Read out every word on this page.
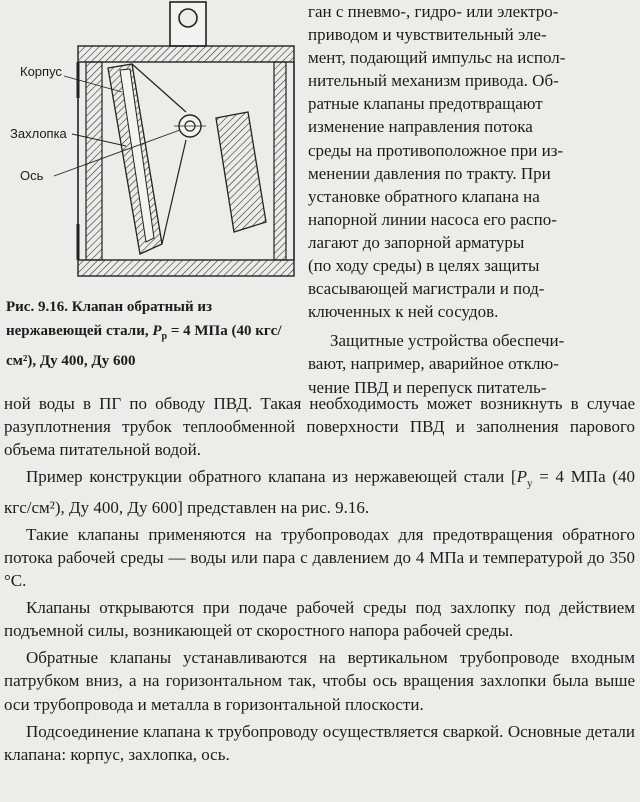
Корпус
Захлопка
Ось
Рис. 9.16. Клапан обратный из нержавеющей стали, $P_р = 4$ МПа (40 кгс/см²), Ду 400, Ду 600

ган с пневмо-, гидро- или электро-
приводом и чувствительный эле-
мент, подающий импульс на испол-
нительный механизм привода. Об-
ратные клапаны предотвращают
изменение направления потока
среды на противоположное при из-
менении давления по тракту. При
установке обратного клапана на
напорной линии насоса его распо-
лагают до запорной арматуры
(по ходу среды) в целях защиты
всасывающей магистрали и под-
ключенных к ней сосудов.

Защитные устройства обеспечи-
вают, например, аварийное отклю-
чение ПВД и перепуск питатель-

ной воды в ПГ по обводу ПВД. Такая необходимость может возникнуть в случае разуплотнения трубок теплообменной поверхности ПВД и заполнения парового объема питательной водой.

Пример конструкции обратного клапана из нержавеющей стали [$P_у = 4$ МПа (40 кгс/см²), Ду 400, Ду 600] представлен на рис. 9.16.

Такие клапаны применяются на трубопроводах для предотвращения обратного потока рабочей среды — воды или пара с давлением до 4 МПа и температурой до 350 °С.

Клапаны открываются при подаче рабочей среды под захлопку под действием подъемной силы, возникающей от скоростного напора рабочей среды.

Обратные клапаны устанавливаются на вертикальном трубопроводе входным патрубком вниз, а на горизонтальном так, чтобы ось вращения захлопки была выше оси трубопровода и металла в горизонтальной плоскости.

Подсоединение клапана к трубопроводу осуществляется сваркой. Основные детали клапана: корпус, захлопка, ось.
